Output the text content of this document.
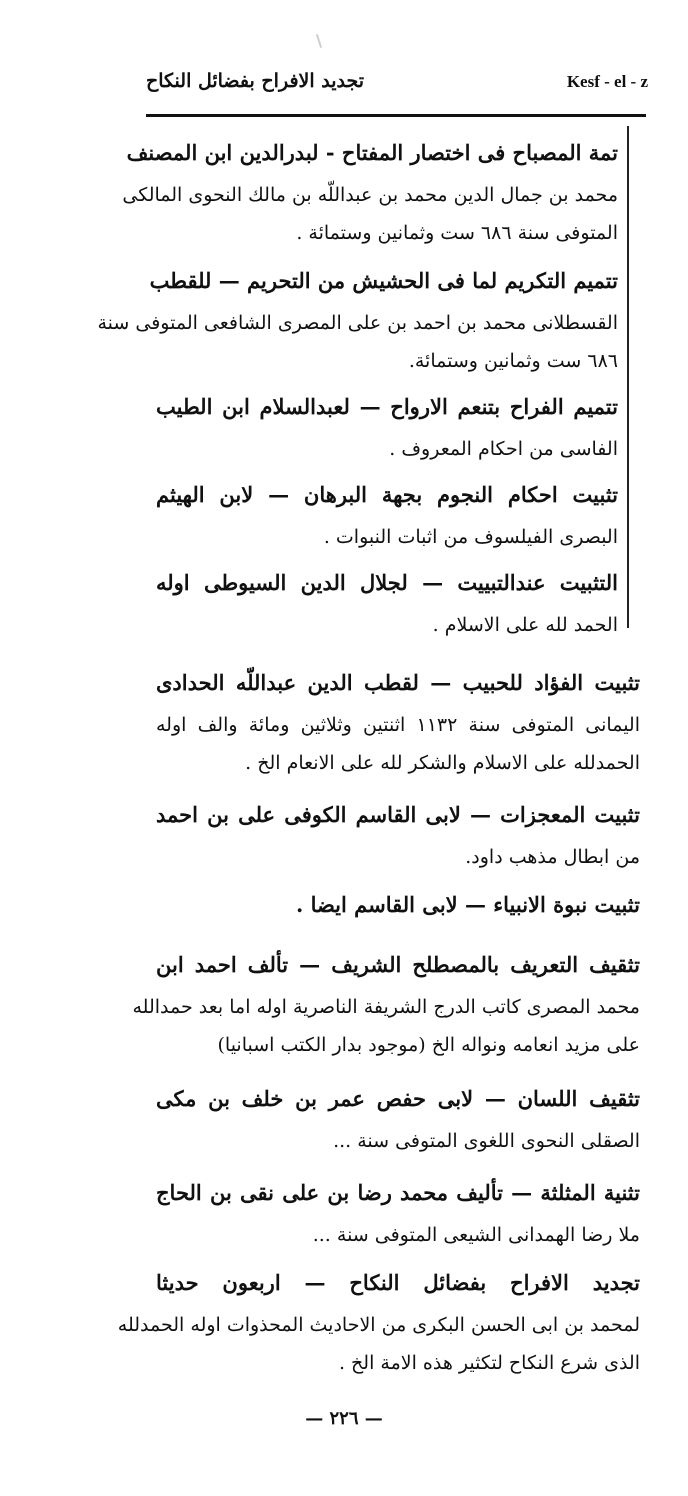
تجديد الافراح بفضائل النكاح	Kesf - el - z
تمة المصباح فى اختصار المفتاح - لبدرالدين ابن المصنف
محمد بن جمال الدين محمد بن عبداللّه بن مالك النحوى المالكى
المتوفى سنة ٦٨٦ ست وثمانين وستمائة .
تتميم التكريم لما فى الحشيش من التحريم — للقطب
القسطلانى محمد بن احمد بن على المصرى الشافعى المتوفى سنة
٦٨٦ ست وثمانين وستمائة.
تتميم الفراح بتنعم الارواح — لعبدالسلام ابن الطيب
الفاسى من احكام المعروف .
تثبيت احكام النجوم بجهة البرهان — لابن الهيثم
البصرى الفيلسوف من اثبات النبوات .
التثبيت عندالتبييت — لجلال الدين السيوطى اوله
الحمد لله على الاسلام .
تثبيت الفؤاد للحبيب — لقطب الدين عبداللّه الحدادى
اليمانى المتوفى سنة ١١٣٢ اثنتين وثلاثين ومائة والف اوله
الحمدلله على الاسلام والشكر لله على الانعام الخ .
تثبيت المعجزات — لابى القاسم الكوفى على بن احمد
من ابطال مذهب داود.
تثبيت نبوة الانبياء — لابى القاسم ايضا .
تثقيف التعريف بالمصطلح الشريف — تألف احمد ابن
محمد المصرى كاتب الدرج الشريفة الناصرية اوله اما بعد حمدالله
على مزيد انعامه ونواله الخ (موجود بدار الكتب اسبانيا)
تثقيف اللسان — لابى حفص عمر بن خلف بن مكى
الصقلى النحوى اللغوى المتوفى سنة ...
تثنية المثلثة — تأليف محمد رضا بن على نقى بن الحاج
ملا رضا الهمدانى الشيعى المتوفى سنة ...
تجديد الافراح بفضائل النكاح — اربعون حديثا
لمحمد بن ابى الحسن البكرى من الاحاديث المحذوات اوله الحمدلله
الذى شرع النكاح لتكثير هذه الامة الخ .
— ٢٢٦ —
